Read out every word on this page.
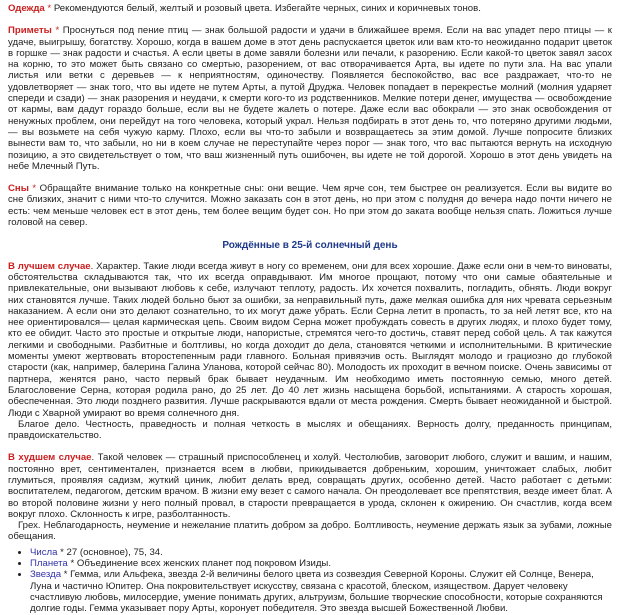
Одежда * Рекомендуются белый, желтый и розовый цвета. Избегайте черных, синих и коричневых тонов.

Приметы * Проснуться под пение птиц — знак большой радости и удачи в ближайшее время. Если на вас упадет перо птицы — к удаче, выигрышу, богатству. Хорошо, когда в вашем доме в этот день распускается цветок или вам кто-то неожиданно подарит цветок в горшке — знак радости и счастья. А если цветы в доме завяли болезни или печали, к разорению. Если какой-то цветок завял засох на корню, то это может быть связано со смертью, разорением, от вас отворачивается Арта, вы идете по пути зла. На вас упали листья или ветки с деревьев — к неприятностям, одиночеству. Появляется беспокойство, вас все раздражает, что-то не удовлетворяет — знак того, что вы идете не путем Арты, а путой Друджа. Человек попадает в перекрестье молний (молния ударяет спереди и сзади) — знак разорения и неудачи, к смерти кого-то из родственников. Мелкие потери денег, имущества — освобождение от кармы, вам дадут гораздо больше, если вы не будете жалеть о потере. Даже если вас обокрали — это знак освобождения от ненужных проблем, они перейдут на того человека, который украл. Нельзя подбирать в этот день то, что потеряно другими людьми, — вы возьмете на себя чужую карму. Плохо, если вы что-то забыли и возвращаетесь за этим домой. Лучше попросите близких вынести вам то, что забыли, но ни в коем случае не переступайте через порог — знак того, что вас пытаются вернуть на исходную позицию, а это свидетельствует о том, что ваш жизненный путь ошибочен, вы идете не той дорогой. Хорошо в этот день увидеть на небе Млечный Путь.

Сны * Обращайте внимание только на конкретные сны: они вещие. Чем ярче сон, тем быстрее он реализуется. Если вы видите во сне близких, значит с ними что-то случится. Можно заказать сон в этот день, но при этом с полудня до вечера надо почти ничего не есть: чем меньше человек ест в этот день, тем более вещим будет сон. Но при этом до заката вообще нельзя спать. Ложиться лучше головой на север.

Рождённые в 25-й солнечный день

В лучшем случае. Характер. Такие люди всегда живут в ногу со временем, они для всех хорошие. Даже если они в чем-то виноваты, обстоятельства складываются так, что их всегда оправдывают. Им многое прощают, потому что они самые обаятельные и привлекательные, они вызывают любовь к себе, излучают теплоту, радость. Их хочется похвалить, погладить, обнять. Люди вокруг них становятся лучше. Таких людей больно бьют за ошибки, за неправильный путь, даже мелкая ошибка для них чревата серьезным наказанием. А если они это делают сознательно, то их могут даже убрать. Если Серна летит в пропасть, то за ней летят все, кто на нее ориентировался— целая кармическая цепь. Своим видом Серна может пробуждать совесть в других людях, и плохо будет тому, кто ее обидит. Часто это простые и открытые люди, напористые, стремятся чего-то достичь, ставят перед собой цель. А так кажутся легкими и свободными. Разбитные и болтливы, но когда доходит до дела, становятся четкими и исполнительными. В критические моменты умеют жертвовать второстепенным ради главного. Больная привязчив ость. Выглядят молодо и грациозно до глубокой старости (как, например, балерина Галина Уланова, которой сейчас 80). Молодость их проходит в вечном поиске. Очень зависимы от партнера, женятся рано, часто первый брак бывает неудачным. Им необходимо иметь постоянную семью, много детей. Благословение Серна, которая родила рано, до 25 лет. До 40 лет жизнь насыщена борьбой, испытаниями. А старость хорошая, обеспеченная. Это люди позднего развития. Лучше раскрываются вдали от места рождения. Смерть бывает неожиданной и быстрой. Люди с Хварной умирают во время солнечного дня.

Благое дело. Честность, праведность и полная четкость в мыслях и обещаниях. Верность долгу, преданность принципам, правдоискательство.

В худшем случае. Такой человек — страшный приспособленец и холуй. Честолюбив, заговорит любого, служит и вашим, и нашим, постоянно врет, сентиментален, признается всем в любви, прикидывается добреньким, хорошим, уничтожает слабых, любит глумиться, проявляя садизм, жуткий циник, любит делать вред, совращать других, особенно детей. Часто работает с детьми: воспитателем, педагогом, детским врачом. В жизни ему везет с самого начала. Он преодолевает все препятствия, везде имеет блат. А во второй половине жизни у него полный провал, в старости превращается в урода, склонен к ожирению. Он счастлив, когда всем вокруг плохо. Склонность к игре, разболтанность.

Грех. Неблагодарность, неумение и нежелание платить добром за добро. Болтливость, неумение держать язык за зубами, ложные обещания.

• Числа * 27 (основное), 75, 34.
• Планета * Объединение всех женских планет под покровом Изиды.
• Звезда * Гемма, или Альфека, звезда 2-й величины белого цвета из созвездия Северной Короны. Служит ей Солнце, Венера, Луна и частично Юпитер. Она покровительствует искусству, связана с красотой, блеском, изяществом. Дарует человеку счастливую любовь, милосердие, умение понимать других, альтруизм, большие творческие способности, которые сохраняются долгие годы. Гемма указывает пору Арты, коронует победителя. Это звезда высшей Божественной Любви.
